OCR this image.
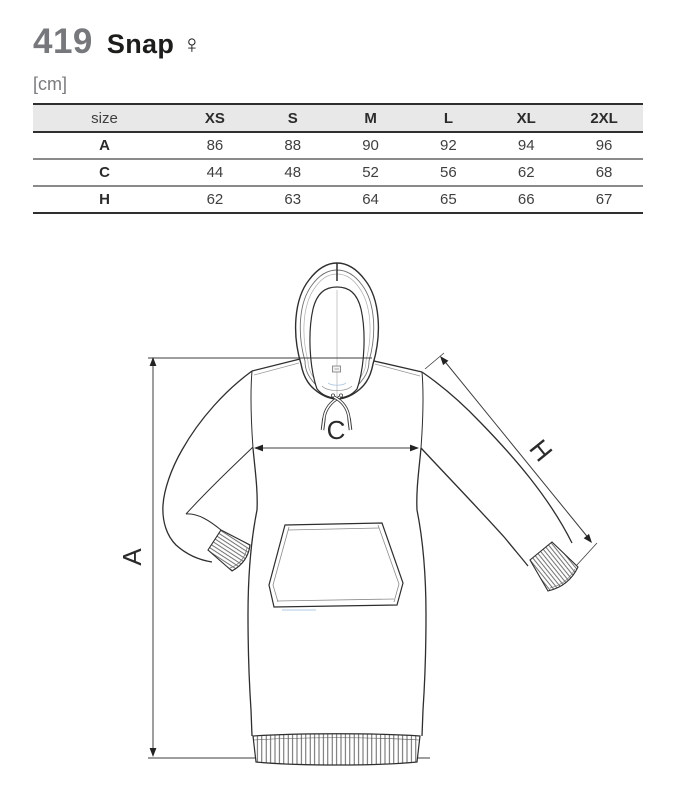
419 Snap ♀
[cm]
size	XS	S	M	L	XL	2XL
A	86	88	90	92	94	96
C	44	48	52	56	62	68
H	62	63	64	65	66	67
A
C
H
